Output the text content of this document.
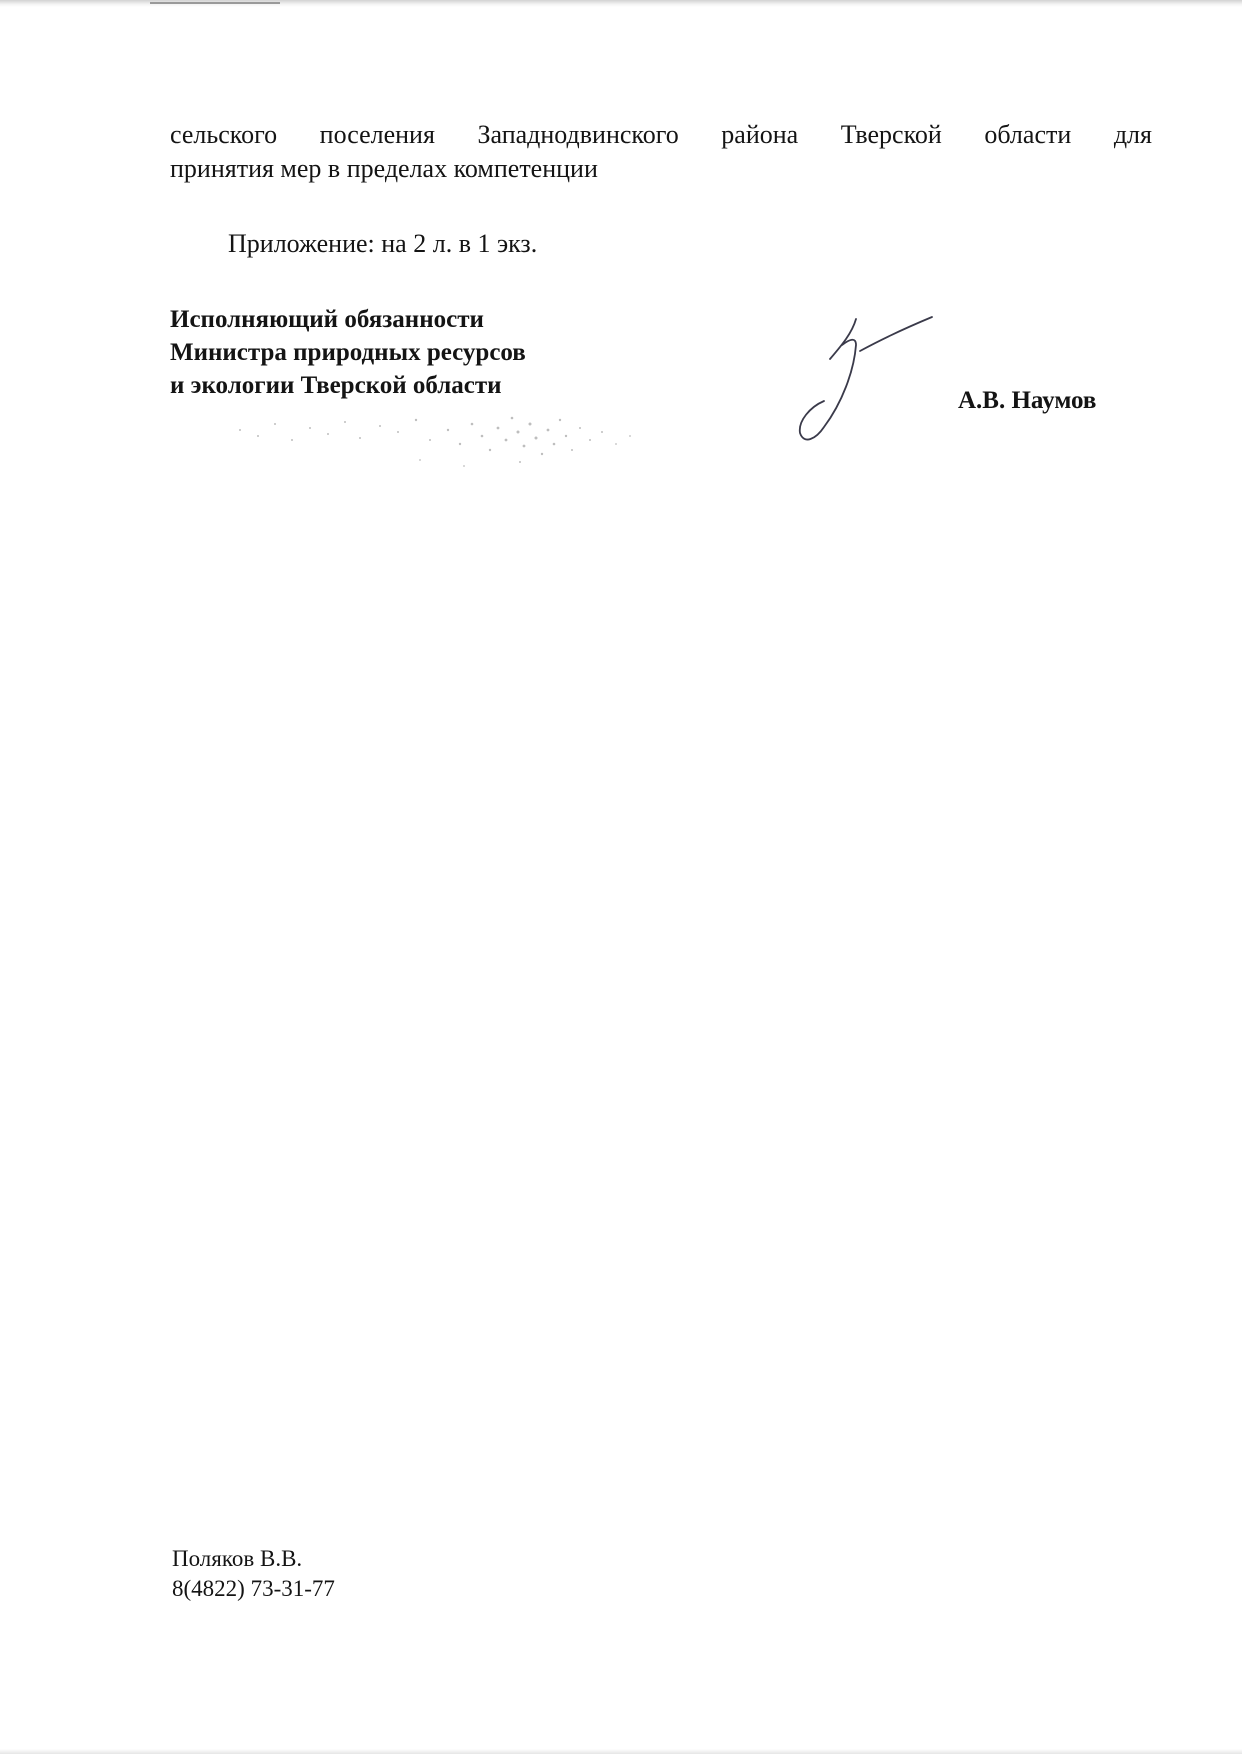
сельского поселения Западнодвинского района Тверской области для
принятия мер в пределах компетенции
Приложение: на 2 л. в 1 экз.
Исполняющий обязанности
Министра природных ресурсов
и экологии Тверской области
А.В. Наумов
Поляков В.В.
8(4822) 73-31-77
